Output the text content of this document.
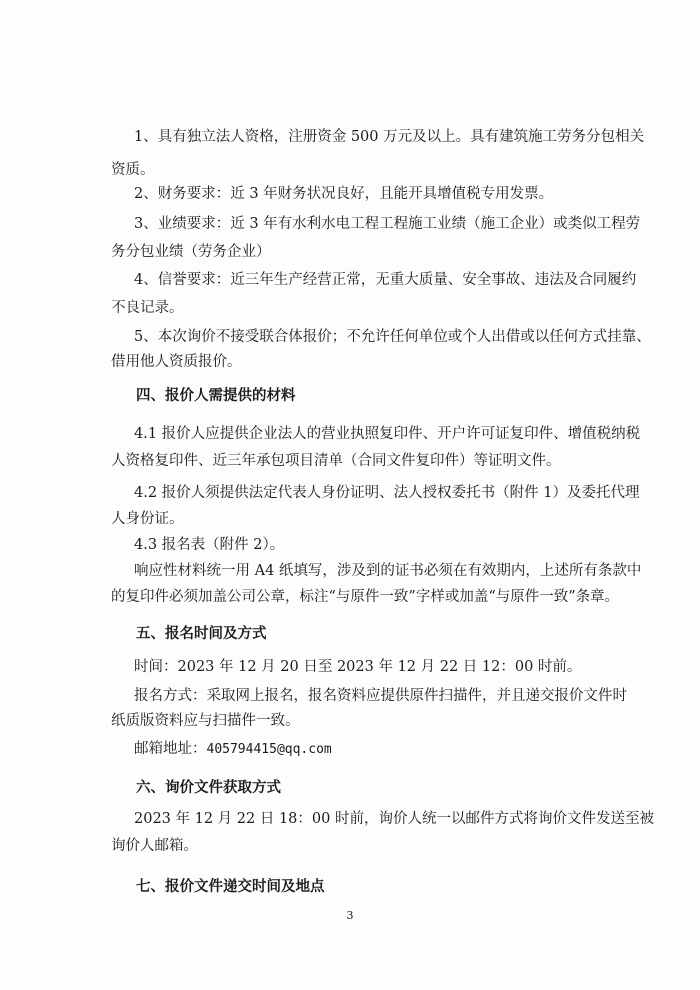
1、具有独立法人资格，注册资金 500 万元及以上。具有建筑施工劳务分包相关
资质。
2、财务要求：近 3 年财务状况良好，且能开具增值税专用发票。
3、业绩要求：近 3 年有水利水电工程工程施工业绩（施工企业）或类似工程劳
务分包业绩（劳务企业）
4、信誉要求：近三年生产经营正常，无重大质量、安全事故、违法及合同履约
不良记录。
5、本次询价不接受联合体报价；不允许任何单位或个人出借或以任何方式挂靠、
借用他人资质报价。
四、报价人需提供的材料
4.1 报价人应提供企业法人的营业执照复印件、开户许可证复印件、增值税纳税
人资格复印件、近三年承包项目清单（合同文件复印件）等证明文件。
4.2 报价人须提供法定代表人身份证明、法人授权委托书（附件 1）及委托代理
人身份证。
4.3 报名表（附件 2）。
响应性材料统一用 A4 纸填写，涉及到的证书必须在有效期内，上述所有条款中
的复印件必须加盖公司公章，标注“与原件一致”字样或加盖“与原件一致”条章。
五、报名时间及方式
时间：2023 年 12 月 20 日至 2023 年 12 月 22 日 12：00 时前。
报名方式：采取网上报名，报名资料应提供原件扫描件，并且递交报价文件时
纸质版资料应与扫描件一致。
邮箱地址：405794415@qq.com
六、询价文件获取方式
2023 年 12 月 22 日 18：00 时前，询价人统一以邮件方式将询价文件发送至被
询价人邮箱。
七、报价文件递交时间及地点
3
